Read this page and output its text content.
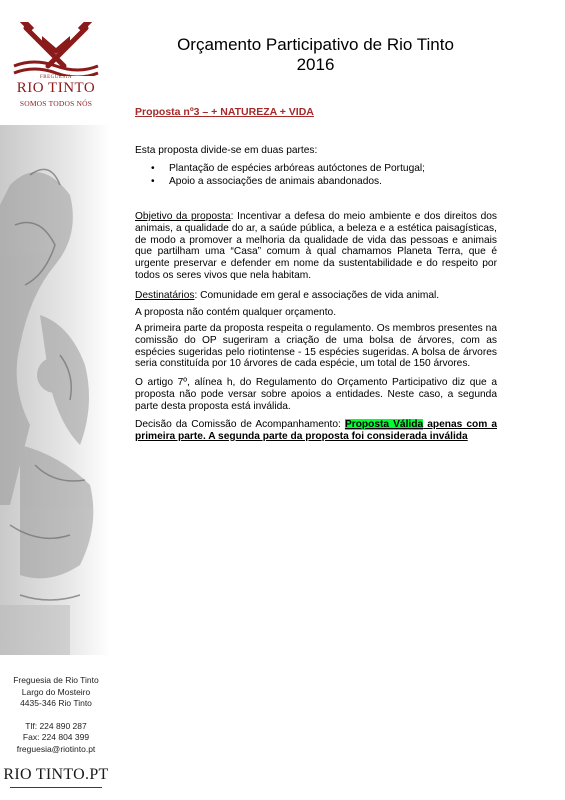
FREGUESIA
RIO TINTO
SOMOS TODOS NÓS
Freguesia de Rio Tinto
Largo do Mosteiro
4435-346 Rio Tinto
Tlf: 224 890 287
Fax: 224 804 399
freguesia@riotinto.pt
RIO TINTO.PT
Orçamento Participativo de Rio Tinto
2016
Proposta nº3 – + NATUREZA + VIDA
Esta proposta divide-se em duas partes:
• Plantação de espécies arbóreas autóctones de Portugal;
• Apoio a associações de animais abandonados.
Objetivo da proposta: Incentivar a defesa do meio ambiente e dos direitos dos animais, a qualidade do ar, a saúde pública, a beleza e a estética paisagísticas, de modo a promover a melhoria da qualidade de vida das pessoas e animais que partilham uma “Casa” comum à qual chamamos Planeta Terra, que é urgente preservar e defender em nome da sustentabilidade e do respeito por todos os seres vivos que nela habitam.
Destinatários: Comunidade em geral e associações de vida animal.
A proposta não contém qualquer orçamento.
A primeira parte da proposta respeita o regulamento. Os membros presentes na comissão do OP sugeriram a criação de uma bolsa de árvores, com as espécies sugeridas pelo riotintense - 15 espécies sugeridas. A bolsa de árvores seria constituída por 10 árvores de cada espécie, um total de 150 árvores.
O artigo 7º, alínea h, do Regulamento do Orçamento Participativo diz que a proposta não pode versar sobre apoios a entidades. Neste caso, a segunda parte desta proposta está inválida.
Decisão da Comissão de Acompanhamento: Proposta Válida apenas com a primeira parte. A segunda parte da proposta foi considerada inválida
